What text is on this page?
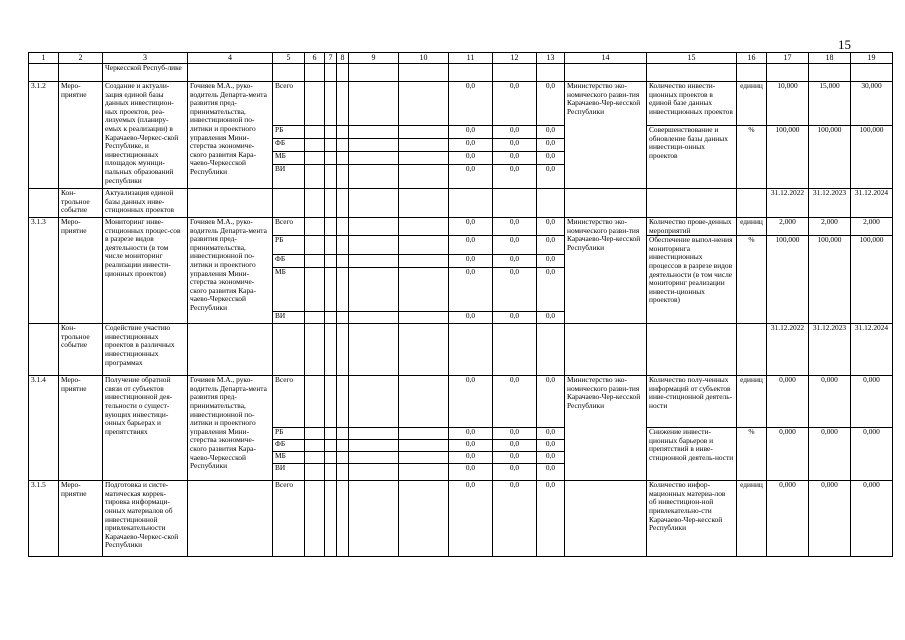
15
1	2	3	4	5	6	7	8	9	10	11	12	13	14	15	16	17	18	19
		Черкесской Респуб-лике																
3.1.2	Меро-приятие	Создание и актуали-зация единой базы данных инвестицион-ных проектов, реа-лизуемых (планиру-емых к реализации) в Карачаево-Черкес-ской Республике, и инвестиционных площадок муници-пальных образований республики	Гочияев М.А., руко-водитель Департа-мента развития пред-принимательства, инвестиционной по-литики и проектного управления Мини-стерства экономиче-ского развития Кара-чаево-Черкесской Республики	Всего						0,0	0,0	0,0	Министерство эко-номического разви-тия Карачаево-Чер-кесской Республики	Количество инвести-ционных проектов в единой базе данных инвестиционных проектов	единиц	10,000	15,000	30,000
				РБ						0,0	0,0	0,0		Совершенствование и обновление базы данных инвестици-онных проектов	%	100,000	100,000	100,000
				ФБ						0,0	0,0	0,0						
				МБ						0,0	0,0	0,0						
				ВИ						0,0	0,0	0,0						
	Кон-трольное событие	Актуализация единой базы данных инве-стиционных проектов														31.12.2022	31.12.2023	31.12.2024
3.1.3	Меро-приятие	Мониторинг инве-стиционных процес-сов в разрезе видов деятельности (в том числе мониторинг реализации инвести-ционных проектов)	Гочияев М.А., руко-водитель Департа-мента развития пред-принимательства, инвестиционной по-литики и проектного управления Мини-стерства экономиче-ского развития Кара-чаево-Черкесской Республики	Всего						0,0	0,0	0,0	Министерство эко-номического разви-тия Карачаево-Чер-кесской Республики	Количество прове-денных мероприятий	единиц	2,000	2,000	2,000
				РБ						0,0	0,0	0,0		Обеспечение выпол-нения мониторинга инвестиционных процессов в разрезе видов деятельности (в том числе мониторинг реализации инвести-ционных проектов)	%	100,000	100,000	100,000
				ФБ						0,0	0,0	0,0						
				МБ						0,0	0,0	0,0						
				ВИ						0,0	0,0	0,0						
	Кон-трольное событие	Содействие участию инвестиционных проектов в различных инвестиционных программах														31.12.2022	31.12.2023	31.12.2024
3.1.4	Меро-приятие	Получение обратной связи от субъектов инвестиционной дея-тельности о сущест-вующих инвестици-онных барьерах и препятствиях	Гочияев М.А., руко-водитель Департа-мента развития пред-принимательства, инвестиционной по-литики и проектного управления Мини-стерства экономиче-ского развития Кара-чаево-Черкесской Республики	Всего						0,0	0,0	0,0	Министерство эко-номического разви-тия Карачаево-Чер-кесской Республики	Количество полу-ченных информаций от субъектов инве-стиционной деятель-ности	единиц	0,000	0,000	0,000
				РБ						0,0	0,0	0,0		Снижение инвести-ционных барьеров и препятствий в инве-стиционной деятель-ности	%	0,000	0,000	0,000
				ФБ						0,0	0,0	0,0						
				МБ						0,0	0,0	0,0						
				ВИ						0,0	0,0	0,0						
3.1.5	Меро-приятие	Подготовка и систе-матическая коррек-тировка информаци-онных материалов об инвестиционной привлекательности Карачаево-Черкес-ской Республики		Всего						0,0	0,0	0,0		Количество инфор-мационных материа-лов об инвестицион-ной привлекательно-сти Карачаево-Чер-кесской Республики	единиц	0,000	0,000	0,000
